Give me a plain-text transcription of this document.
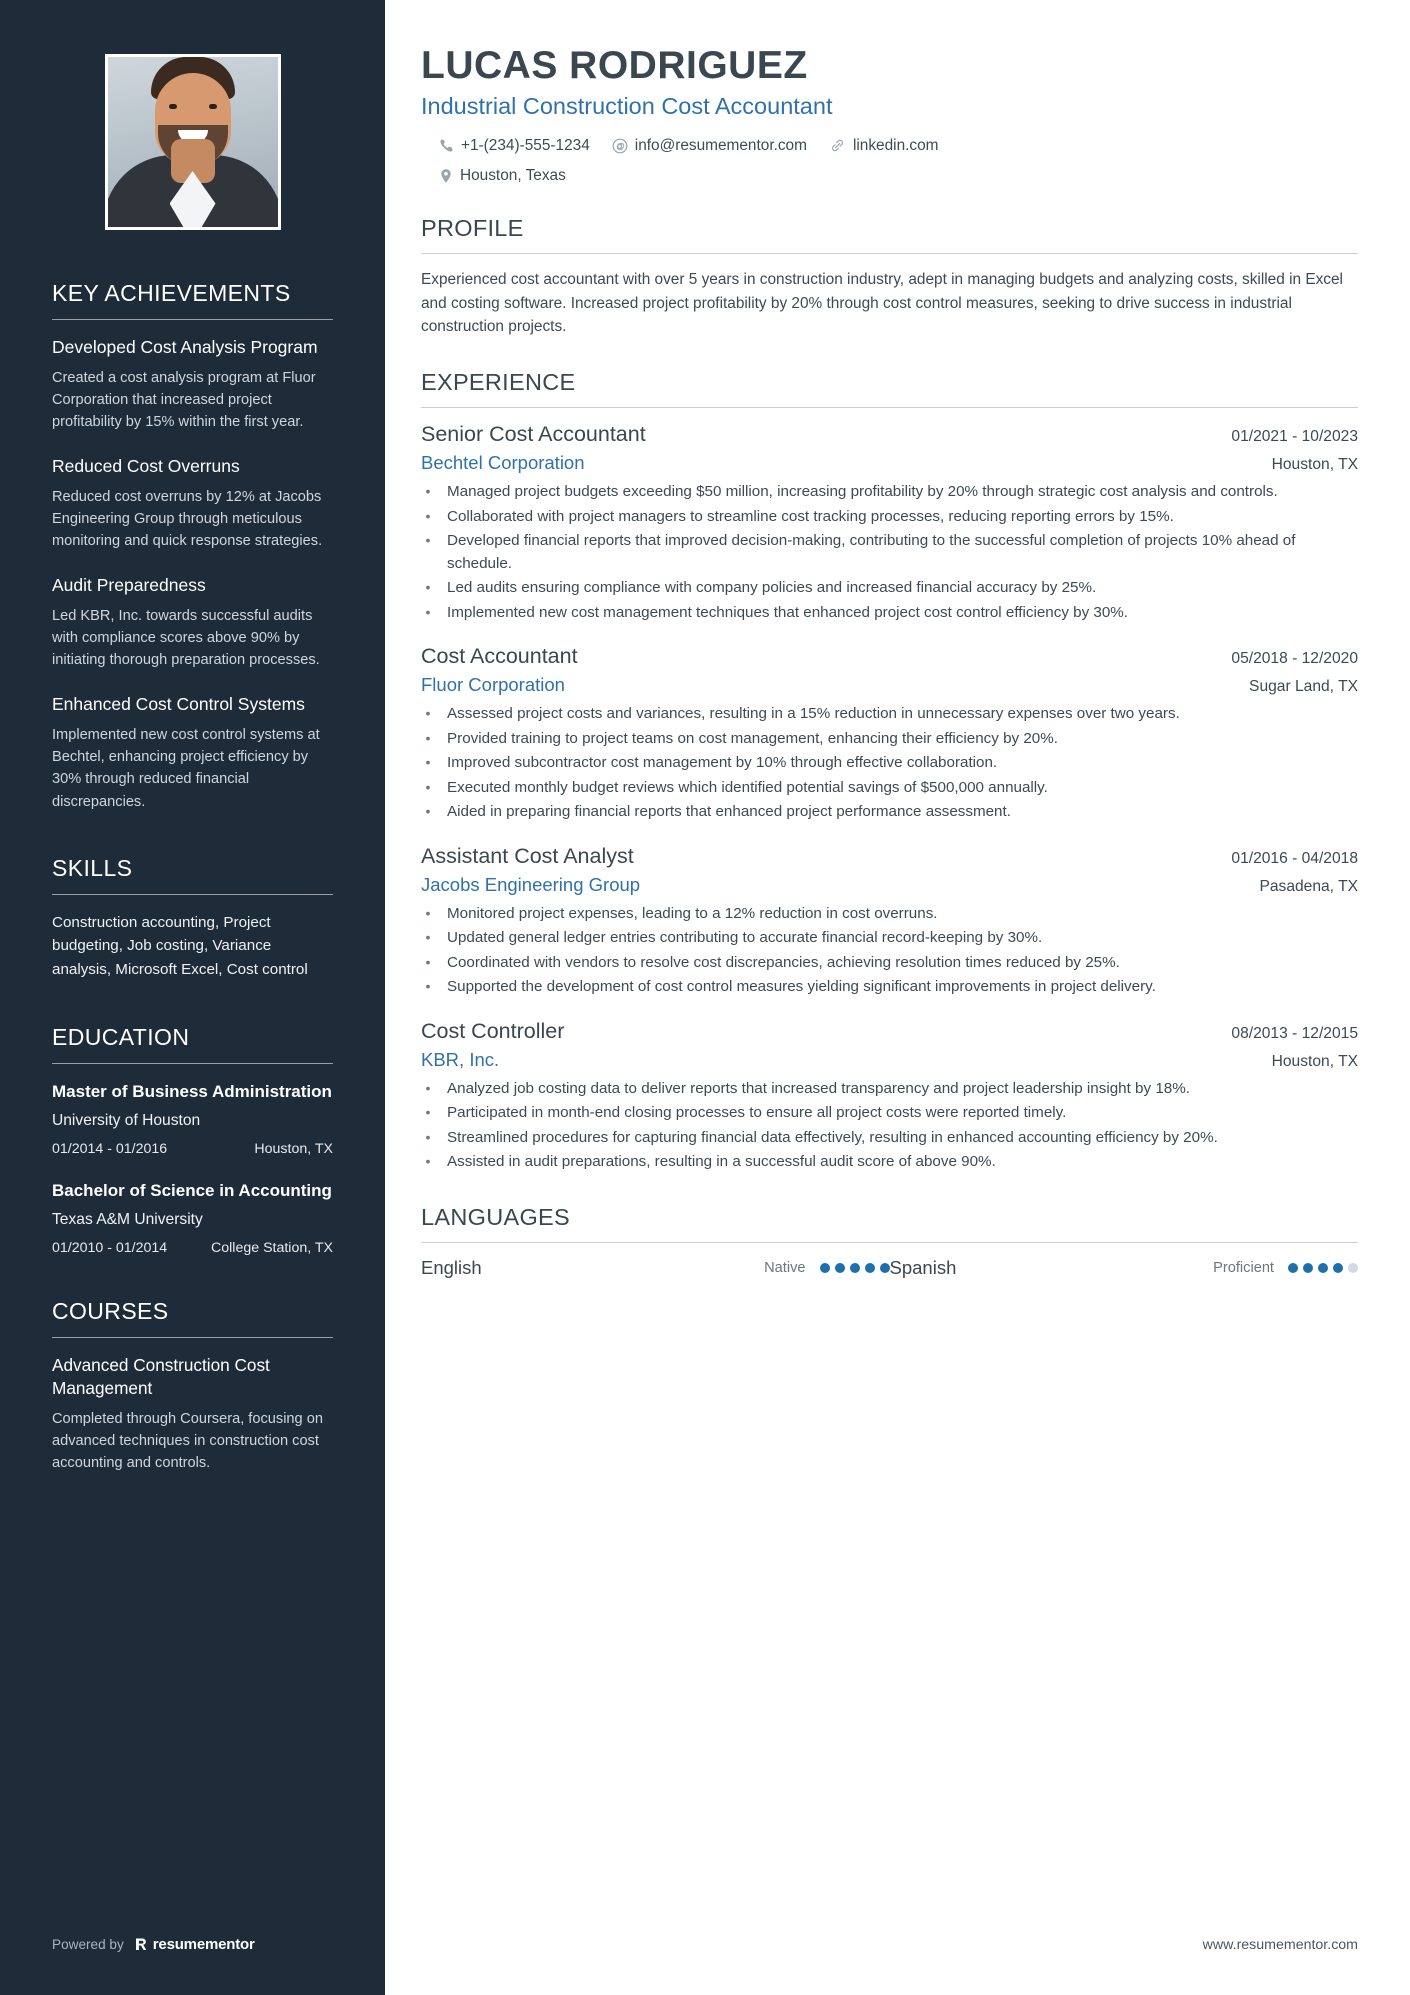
KEY ACHIEVEMENTS
Developed Cost Analysis Program
Created a cost analysis program at Fluor Corporation that increased project profitability by 15% within the first year.
Reduced Cost Overruns
Reduced cost overruns by 12% at Jacobs Engineering Group through meticulous monitoring and quick response strategies.
Audit Preparedness
Led KBR, Inc. towards successful audits with compliance scores above 90% by initiating thorough preparation processes.
Enhanced Cost Control Systems
Implemented new cost control systems at Bechtel, enhancing project efficiency by 30% through reduced financial discrepancies.
SKILLS
Construction accounting, Project budgeting, Job costing, Variance analysis, Microsoft Excel, Cost control
EDUCATION
Master of Business Administration
University of Houston
01/2014 - 01/2016	Houston, TX
Bachelor of Science in Accounting
Texas A&M University
01/2010 - 01/2014	College Station, TX
COURSES
Advanced Construction Cost Management
Completed through Coursera, focusing on advanced techniques in construction cost accounting and controls.
Powered by resumementor
LUCAS RODRIGUEZ
Industrial Construction Cost Accountant
+1-(234)-555-1234	info@resumementor.com	linkedin.com
Houston, Texas
PROFILE

Experienced cost accountant with over 5 years in construction industry, adept in managing budgets and analyzing costs, skilled in Excel and costing software. Increased project profitability by 20% through cost control measures, seeking to drive success in industrial construction projects.

EXPERIENCE
Senior Cost Accountant	01/2021 - 10/2023
Bechtel Corporation	Houston, TX
• Managed project budgets exceeding $50 million, increasing profitability by 20% through strategic cost analysis and controls.
• Collaborated with project managers to streamline cost tracking processes, reducing reporting errors by 15%.
• Developed financial reports that improved decision-making, contributing to the successful completion of projects 10% ahead of schedule.
• Led audits ensuring compliance with company policies and increased financial accuracy by 25%.
• Implemented new cost management techniques that enhanced project cost control efficiency by 30%.
Cost Accountant	05/2018 - 12/2020
Fluor Corporation	Sugar Land, TX
• Assessed project costs and variances, resulting in a 15% reduction in unnecessary expenses over two years.
• Provided training to project teams on cost management, enhancing their efficiency by 20%.
• Improved subcontractor cost management by 10% through effective collaboration.
• Executed monthly budget reviews which identified potential savings of $500,000 annually.
• Aided in preparing financial reports that enhanced project performance assessment.
Assistant Cost Analyst	01/2016 - 04/2018
Jacobs Engineering Group	Pasadena, TX
• Monitored project expenses, leading to a 12% reduction in cost overruns.
• Updated general ledger entries contributing to accurate financial record-keeping by 30%.
• Coordinated with vendors to resolve cost discrepancies, achieving resolution times reduced by 25%.
• Supported the development of cost control measures yielding significant improvements in project delivery.
Cost Controller	08/2013 - 12/2015
KBR, Inc.	Houston, TX
• Analyzed job costing data to deliver reports that increased transparency and project leadership insight by 18%.
• Participated in month-end closing processes to ensure all project costs were reported timely.
• Streamlined procedures for capturing financial data effectively, resulting in enhanced accounting efficiency by 20%.
• Assisted in audit preparations, resulting in a successful audit score of above 90%.
LANGUAGES
English	Native	Spanish	Proficient
www.resumementor.com
